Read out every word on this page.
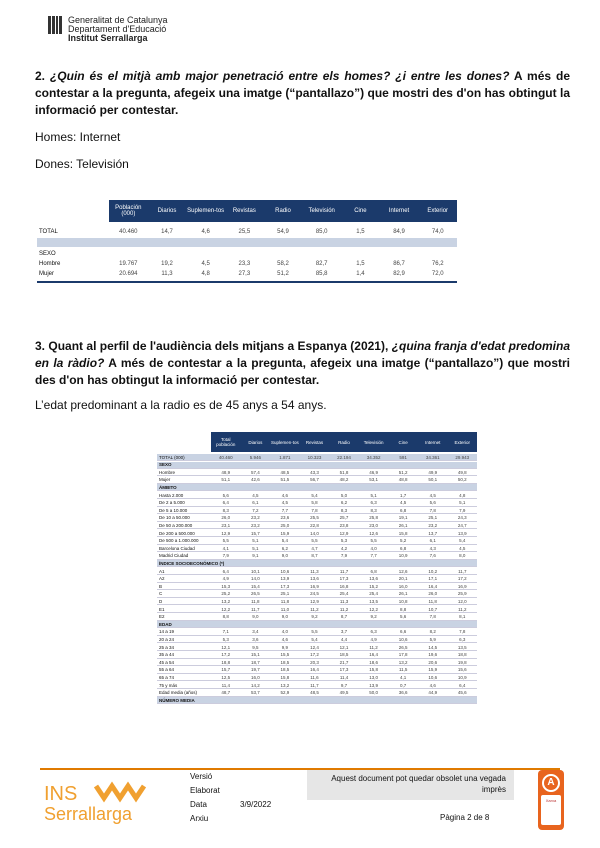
Generalitat de Catalunya
Departament d'Educació
Institut Serrallarga
2. ¿Quin és el mitjà amb major penetració entre els homes? ¿i entre les dones? A més de contestar a la pregunta, afegeix una imatge (“pantallazo”) que mostri des d'on has obtingut la informació per contestar.
Homes: Internet
Dones: Televisión
Población (000)	Diarios	Suplemen-tos	Revistas	Radio	Televisión	Cine	Internet	Exterior
TOTAL	40.460	14,7	4,6	25,5	54,9	85,0	1,5	84,9	74,0
SEXO
Hombre	19.767	19,2	4,5	23,3	58,2	82,7	1,5	86,7	76,2
Mujer	20.694	11,3	4,8	27,3	51,2	85,8	1,4	82,9	72,0
3. Quant al perfil de l'audiència dels mitjans a Espanya (2021), ¿quina franja d'edat predomina en la ràdio? A més de contestar a la pregunta, afegeix una imatge (“pantallazo”) que mostri des d'on has obtingut la informació per contestar.
L’edat predominant a la radio es de 45 anys a 54 anys.
Total población	Diarios	Suplemen-tos	Revistas	Radio	Televisión	Cine	Internet	Exterior
TOTAL (000)	40.460	5.946	1.871	10.323	22.194	34.352	591	34.361	29.943
SEXO
Hombre	48,9	57,4	48,5	43,3	51,8	46,9	51,2	49,9	49,8
Mujer	51,1	42,6	51,5	56,7	48,2	53,1	48,8	50,1	50,2
ÁMBITO
Hasta 2.000	5,6	4,5	4,6	5,4	5,0	5,1	1,7	4,5	4,8
De 2 a 5.000	6,4	6,1	4,5	5,8	6,2	6,3	4,5	5,6	5,1
De 5 a 10.000	8,3	7,2	7,7	7,8	8,3	8,3	6,8	7,8	7,9
De 10 a 50.000	26,0	23,2	23,6	25,5	25,7	25,8	19,1	25,1	24,3
De 50 a 200.000	23,1	23,2	25,0	22,8	23,8	23,0	26,1	23,2	24,7
De 200 a 500.000	12,9	15,7	15,9	14,0	12,9	12,6	15,8	13,7	13,9
De 500 a 1.000.000	5,5	5,1	5,4	5,5	5,3	5,5	5,2	6,1	5,4
Barcelona Ciudad	4,1	5,1	6,2	4,7	4,2	4,0	6,8	4,3	4,5
Madrid Ciudad	7,9	9,1	9,0	8,7	7,9	7,7	10,9	7,6	8,0
ÍNDICE SOCIOECONÓMICO (*)
A1	6,4	10,1	10,6	11,3	11,7	6,8	12,6	10,2	11,7
A2	4,9	14,0	13,9	13,6	17,3	13,6	20,1	17,1	17,2
B	15,3	15,4	17,3	16,9	16,8	15,2	16,0	16,4	16,9
C	25,2	26,5	25,1	24,5	25,4	25,4	26,1	26,0	25,9
D	13,2	11,8	11,8	12,9	11,3	13,5	10,8	11,8	12,0
E1	12,2	11,7	11,0	11,2	11,2	12,2	8,8	10,7	11,2
E2	8,8	9,0	9,0	9,2	8,7	9,2	5,6	7,8	8,1
EDAD
14 a 19	7,1	3,4	4,0	5,5	3,7	6,3	6,6	8,2	7,8
20 a 24	5,3	3,6	4,6	5,4	4,4	4,9	10,6	5,9	6,3
25 a 34	12,1	9,5	9,9	12,4	12,1	11,2	26,5	14,5	13,5
35 a 44	17,2	15,1	15,5	17,2	18,5	16,4	17,8	19,6	18,8
45 a 54	18,8	18,7	18,5	20,3	21,7	18,6	13,2	20,6	19,8
55 a 64	15,7	19,7	18,5	16,4	17,3	15,8	11,5	15,9	15,6
65 a 74	12,5	16,0	15,8	11,6	11,4	13,0	4,1	10,6	10,9
75 y más	11,4	14,2	13,2	11,7	9,7	13,9	0,7	4,6	6,4
Edad media (años)	48,7	53,7	52,9	48,5	49,5	50,0	36,6	44,9	45,6
NÚMERO MEDIA
INS
Serrallarga
Versió
Elaborat
Data	3/9/2022
Arxiu
Aquest document pot quedar obsolet una vegada imprès
Pàgina 2 de 8
A
Xarxa
